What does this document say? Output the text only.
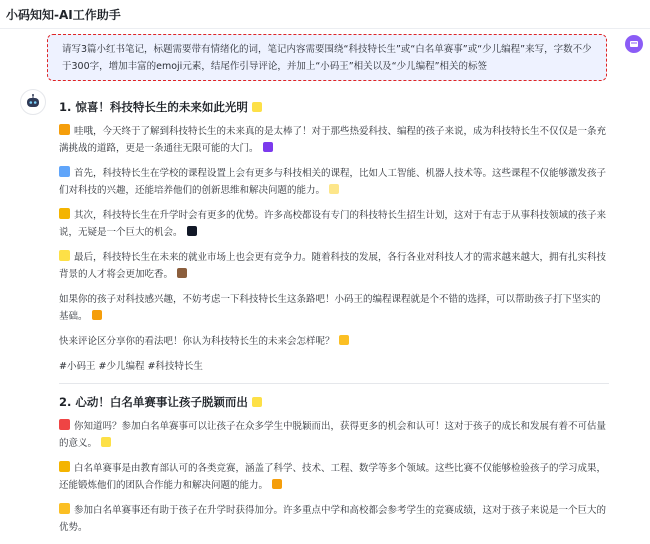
小码知知-AI工作助手
请写3篇小红书笔记，标题需要带有情绪化的词，笔记内容需要围绕“科技特长生”或“白名单赛事”或“少儿编程”来写，字数不少于300字，增加丰富的emoji元素，结尾作引导评论，并加上“小码王”相关以及“少儿编程”相关的标签
1. 惊喜！科技特长生的未来如此光明
哇哦，今天终于了解到科技特长生的未来真的是太棒了！对于那些热爱科技、编程的孩子来说，成为科技特长生不仅仅是一条充满挑战的道路，更是一条通往无限可能的大门。
首先，科技特长生在学校的课程设置上会有更多与科技相关的课程，比如人工智能、机器人技术等。这些课程不仅能够激发孩子们对科技的兴趣，还能培养他们的创新思维和解决问题的能力。
其次，科技特长生在升学时会有更多的优势。许多高校都设有专门的科技特长生招生计划，这对于有志于从事科技领域的孩子来说，无疑是一个巨大的机会。
最后，科技特长生在未来的就业市场上也会更有竞争力。随着科技的发展，各行各业对科技人才的需求越来越大，拥有扎实科技背景的人才将会更加吃香。
如果你的孩子对科技感兴趣，不妨考虑一下科技特长生这条路吧！小码王的编程课程就是个不错的选择，可以帮助孩子打下坚实的基础。
快来评论区分享你的看法吧！你认为科技特长生的未来会怎样呢？
#小码王 #少儿编程 #科技特长生
2. 心动！白名单赛事让孩子脱颖而出
你知道吗？参加白名单赛事可以让孩子在众多学生中脱颖而出，获得更多的机会和认可！这对于孩子的成长和发展有着不可估量的意义。
白名单赛事是由教育部认可的各类竞赛，涵盖了科学、技术、工程、数学等多个领域。这些比赛不仅能够检验孩子的学习成果，还能锻炼他们的团队合作能力和解决问题的能力。
参加白名单赛事还有助于孩子在升学时获得加分。许多重点中学和高校都会参考学生的竞赛成绩，这对于孩子来说是一个巨大的优势。
